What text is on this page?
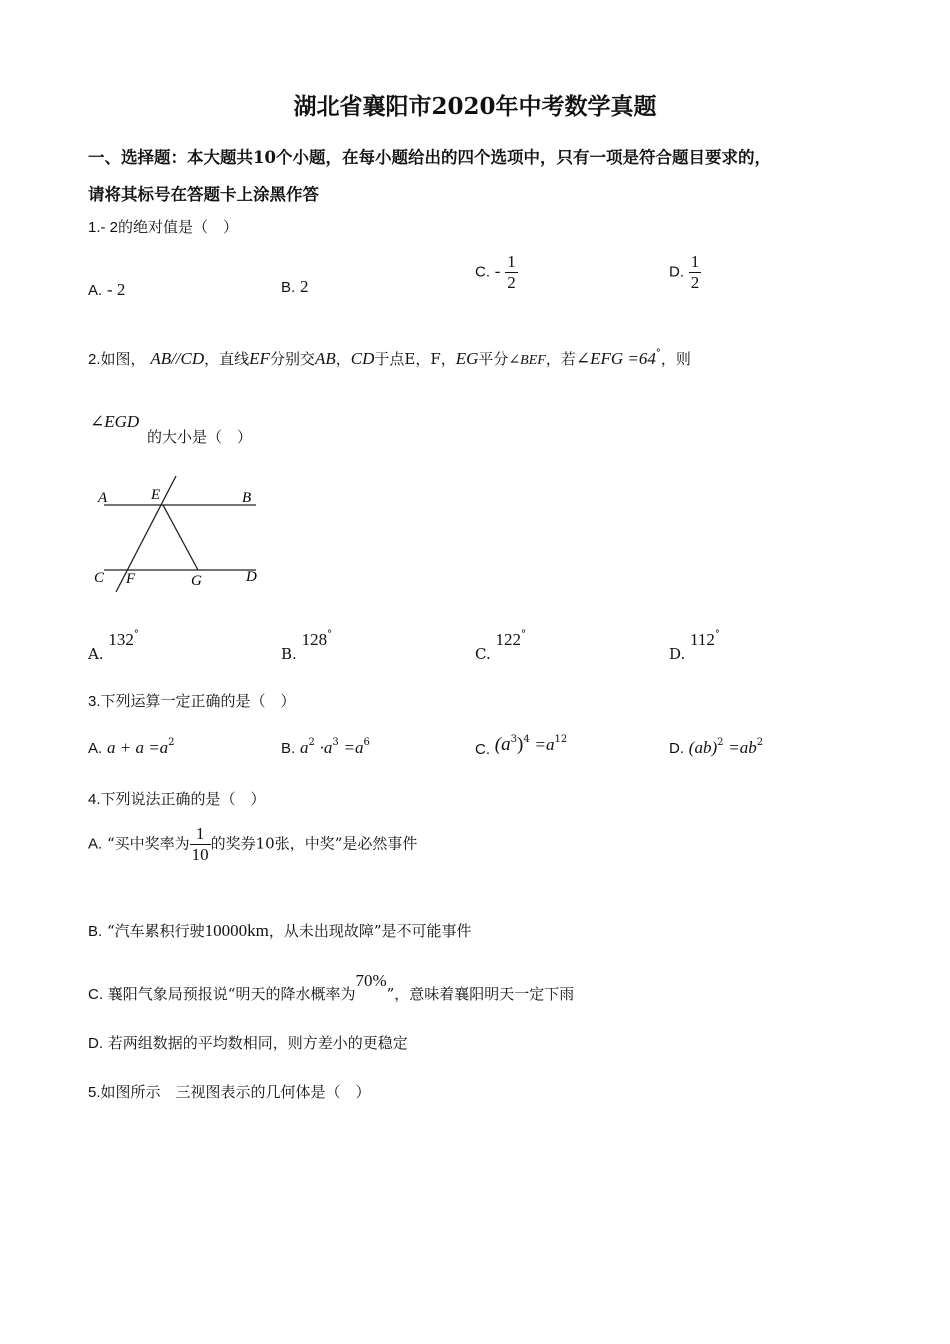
湖北省襄阳市2020年中考数学真题
一、选择题：本大题共10个小题，在每小题给出的四个选项中，只有一项是符合题目要求的，
请将其标号在答题卡上涂黑作答
1.- 2的绝对值是（　）
A. - 2	B. 2
C. - $\frac{1}{2}$	D. $\frac{1}{2}$
2.如图， AB//CD，直线EF分别交AB，CD于点E，F，EG平分∠BEF，若∠EFG =64°，则
∠EGD
的大小是（　）
A	E	B
C F	G	D
A. 132°
B. 128°
C. 122°
D. 112°
3.下列运算一定正确的是（　）
A. $a + a =a^2$	B. $a^2 \cdot a^3 =a^6$	C. $(a^3)^4 =a^{12}$
D. $(ab)^2 =ab^2$
4.下列说法正确的是（　）
A. “买中奖率为 $\frac{1}{10}$ 的奖券10张，中奖”是必然事件
B. “汽车累积行驶10000km，从未出现故障”是不可能事件
C. 襄阳气象局预报说“明天的降水概率为70%”，意味着襄阳明天一定下雨
D. 若两组数据的平均数相同，则方差小的更稳定
5.如图所示　三视图表示的几何体是（　）
